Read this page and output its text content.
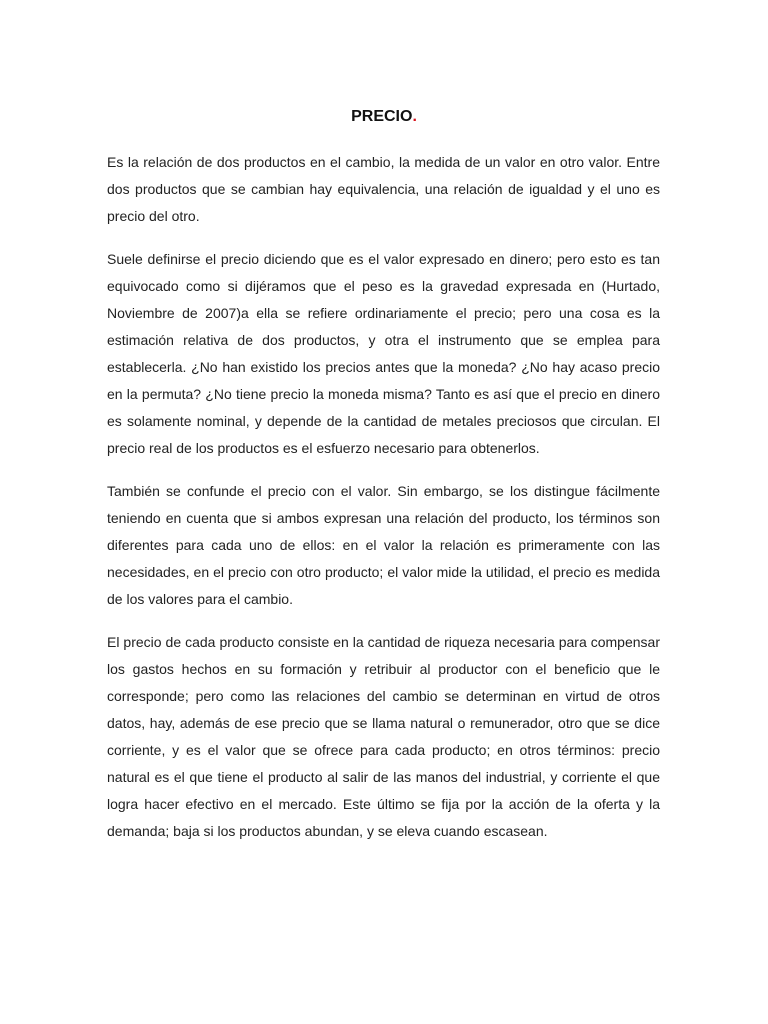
PRECIO.

Es la relación de dos productos en el cambio, la medida de un valor en otro valor. Entre dos productos que se cambian hay equivalencia, una relación de igualdad y el uno es precio del otro.

Suele definirse el precio diciendo que es el valor expresado en dinero; pero esto es tan equivocado como si dijéramos que el peso es la gravedad expresada en (Hurtado, Noviembre de 2007)a ella se refiere ordinariamente el precio; pero una cosa es la estimación relativa de dos productos, y otra el instrumento que se emplea para establecerla. ¿No han existido los precios antes que la moneda? ¿No hay acaso precio en la permuta? ¿No tiene precio la moneda misma? Tanto es así que el precio en dinero es solamente nominal, y depende de la cantidad de metales preciosos que circulan. El precio real de los productos es el esfuerzo necesario para obtenerlos.

También se confunde el precio con el valor. Sin embargo, se los distingue fácilmente teniendo en cuenta que si ambos expresan una relación del producto, los términos son diferentes para cada uno de ellos: en el valor la relación es primeramente con las necesidades, en el precio con otro producto; el valor mide la utilidad, el precio es medida de los valores para el cambio.

El precio de cada producto consiste en la cantidad de riqueza necesaria para compensar los gastos hechos en su formación y retribuir al productor con el beneficio que le corresponde; pero como las relaciones del cambio se determinan en virtud de otros datos, hay, además de ese precio que se llama natural o remunerador, otro que se dice corriente, y es el valor que se ofrece para cada producto; en otros términos: precio natural es el que tiene el producto al salir de las manos del industrial, y corriente el que logra hacer efectivo en el mercado. Este último se fija por la acción de la oferta y la demanda; baja si los productos abundan, y se eleva cuando escasean.
